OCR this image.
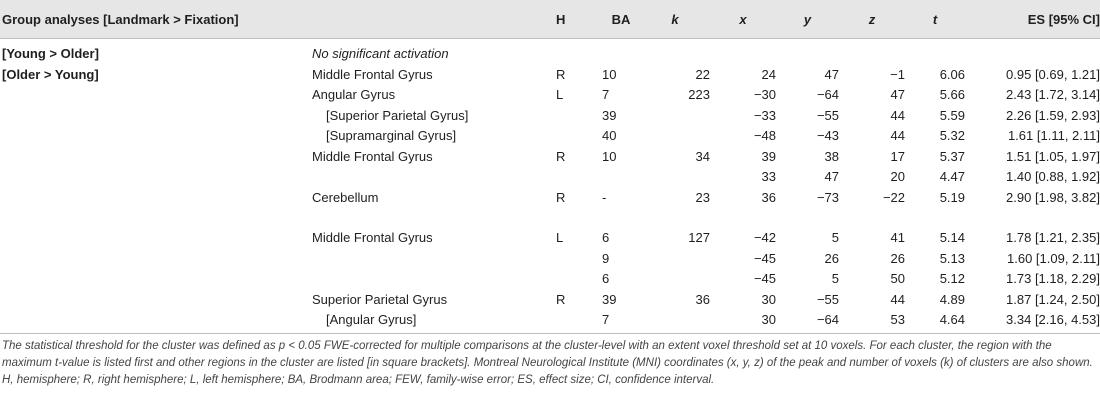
Group analyses [Landmark > Fixation]		H	BA	k	x	y	z	t	ES [95% CI]
[Young > Older]	No significant activation								
[Older > Young]	Middle Frontal Gyrus	R	10	22	24	47	−1	6.06	0.95 [0.69, 1.21]
	Angular Gyrus	L	7	223	−30	−64	47	5.66	2.43 [1.72, 3.14]
	[Superior Parietal Gyrus]		39		−33	−55	44	5.59	2.26 [1.59, 2.93]
	[Supramarginal Gyrus]		40		−48	−43	44	5.32	1.61 [1.11, 2.11]
	Middle Frontal Gyrus	R	10	34	39	38	17	5.37	1.51 [1.05, 1.97]
					33	47	20	4.47	1.40 [0.88, 1.92]
	Cerebellum	R	-	23	36	−73	−22	5.19	2.90 [1.98, 3.82]

	Middle Frontal Gyrus	L	6	127	−42	5	41	5.14	1.78 [1.21, 2.35]
			9		−45	26	26	5.13	1.60 [1.09, 2.11]
			6		−45	5	50	5.12	1.73 [1.18, 2.29]
	Superior Parietal Gyrus	R	39	36	30	−55	44	4.89	1.87 [1.24, 2.50]
	[Angular Gyrus]		7		30	−64	53	4.64	3.34 [2.16, 4.53]
The statistical threshold for the cluster was defined as p < 0.05 FWE-corrected for multiple comparisons at the cluster-level with an extent voxel threshold set at 10 voxels. For each cluster, the region with the maximum t-value is listed first and other regions in the cluster are listed [in square brackets]. Montreal Neurological Institute (MNI) coordinates (x, y, z) of the peak and number of voxels (k) of clusters are also shown. H, hemisphere; R, right hemisphere; L, left hemisphere; BA, Brodmann area; FEW, family-wise error; ES, effect size; CI, confidence interval.
